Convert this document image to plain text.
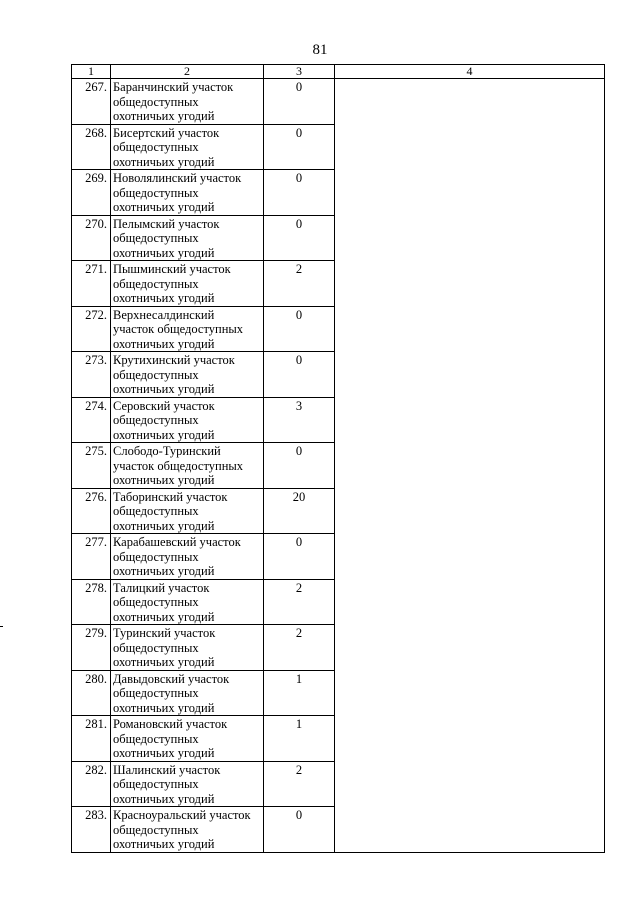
81
1	2	3	4
267.	Баранчинский участок
общедоступных
охотничьих угодий	0	
268.	Бисертский участок
общедоступных
охотничьих угодий	0	
269.	Новолялинский участок
общедоступных
охотничьих угодий	0	
270.	Пелымский участок
общедоступных
охотничьих угодий	0	
271.	Пышминский участок
общедоступных
охотничьих угодий	2	
272.	Верхнесалдинский
участок общедоступных
охотничьих угодий	0	
273.	Крутихинский участок
общедоступных
охотничьих угодий	0	
274.	Серовский участок
общедоступных
охотничьих угодий	3	
275.	Слободо-Туринский
участок общедоступных
охотничьих угодий	0	
276.	Таборинский участок
общедоступных
охотничьих угодий	20	
277.	Карабашевский участок
общедоступных
охотничьих угодий	0	
278.	Талицкий участок
общедоступных
охотничьих угодий	2	
279.	Туринский участок
общедоступных
охотничьих угодий	2	
280.	Давыдовский участок
общедоступных
охотничьих угодий	1	
281.	Романовский участок
общедоступных
охотничьих угодий	1	
282.	Шалинский участок
общедоступных
охотничьих угодий	2	
283.	Красноуральский участок
общедоступных
охотничьих угодий	0	
